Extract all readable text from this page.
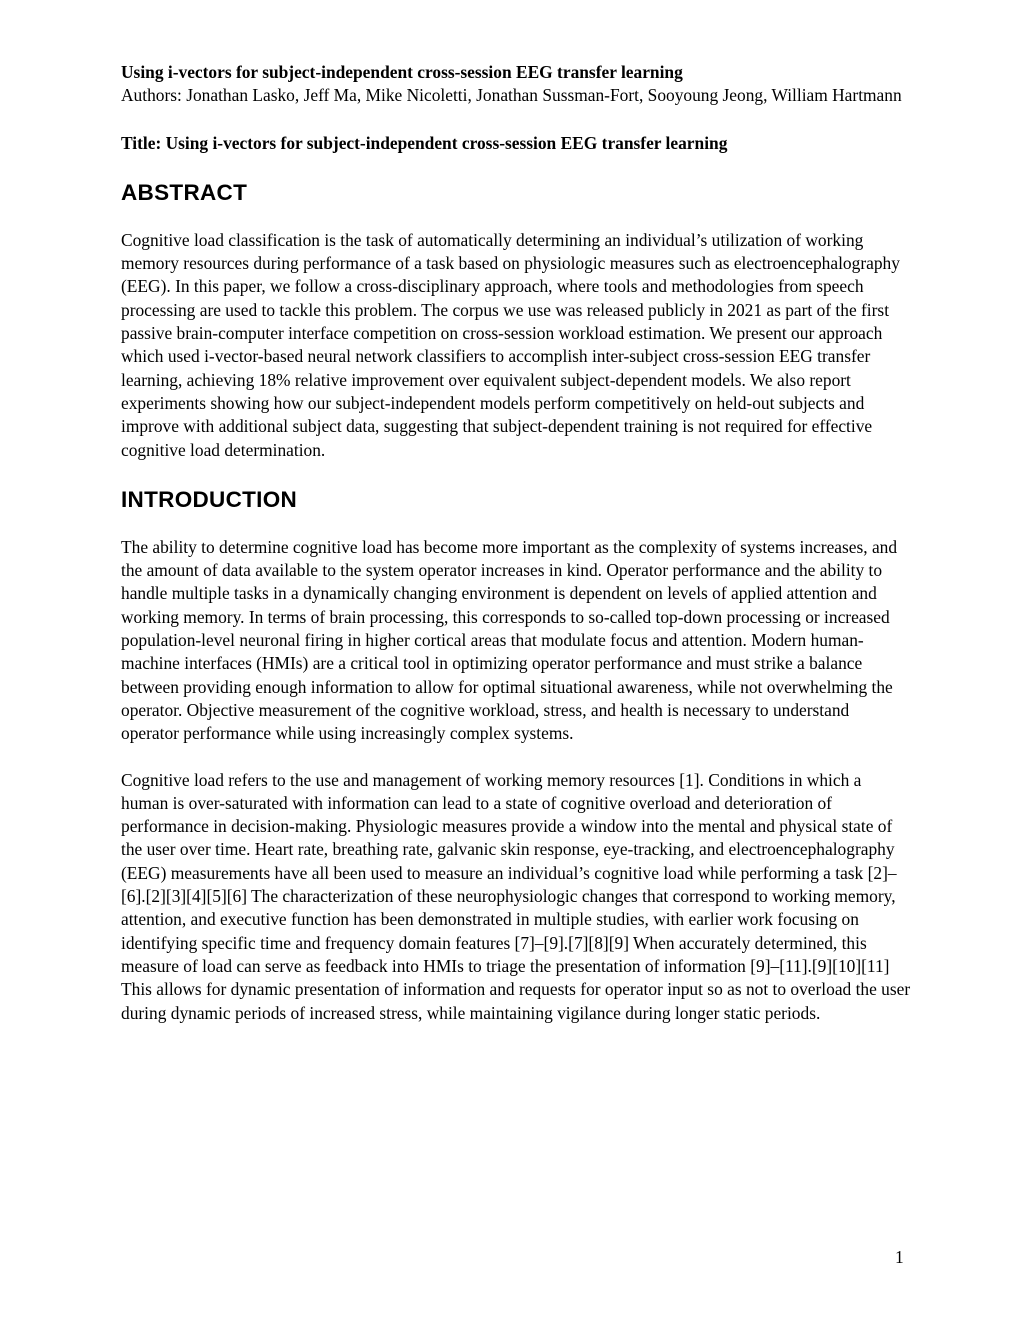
Using i-vectors for subject-independent cross-session EEG transfer learning

Authors: Jonathan Lasko, Jeff Ma, Mike Nicoletti, Jonathan Sussman-Fort, Sooyoung Jeong, William Hartmann

Title: Using i-vectors for subject-independent cross-session EEG transfer learning

ABSTRACT

Cognitive load classification is the task of automatically determining an individual’s utilization of working memory resources during performance of a task based on physiologic measures such as electroencephalography (EEG). In this paper, we follow a cross-disciplinary approach, where tools and methodologies from speech processing are used to tackle this problem. The corpus we use was released publicly in 2021 as part of the first passive brain-computer interface competition on cross-session workload estimation. We present our approach which used i-vector-based neural network classifiers to accomplish inter-subject cross-session EEG transfer learning, achieving 18% relative improvement over equivalent subject-dependent models. We also report experiments showing how our subject-independent models perform competitively on held-out subjects and improve with additional subject data, suggesting that subject-dependent training is not required for effective cognitive load determination.

INTRODUCTION

The ability to determine cognitive load has become more important as the complexity of systems increases, and the amount of data available to the system operator increases in kind. Operator performance and the ability to handle multiple tasks in a dynamically changing environment is dependent on levels of applied attention and working memory. In terms of brain processing, this corresponds to so-called top-down processing or increased population-level neuronal firing in higher cortical areas that modulate focus and attention. Modern human-machine interfaces (HMIs) are a critical tool in optimizing operator performance and must strike a balance between providing enough information to allow for optimal situational awareness, while not overwhelming the operator. Objective measurement of the cognitive workload, stress, and health is necessary to understand operator performance while using increasingly complex systems.

Cognitive load refers to the use and management of working memory resources [1]. Conditions in which a human is over-saturated with information can lead to a state of cognitive overload and deterioration of performance in decision-making. Physiologic measures provide a window into the mental and physical state of the user over time. Heart rate, breathing rate, galvanic skin response, eye-tracking, and electroencephalography (EEG) measurements have all been used to measure an individual’s cognitive load while performing a task [2]–[6].[2][3][4][5][6] The characterization of these neurophysiologic changes that correspond to working memory, attention, and executive function has been demonstrated in multiple studies, with earlier work focusing on identifying specific time and frequency domain features [7]–[9].[7][8][9] When accurately determined, this measure of load can serve as feedback into HMIs to triage the presentation of information [9]–[11].[9][10][11] This allows for dynamic presentation of information and requests for operator input so as not to overload the user during dynamic periods of increased stress, while maintaining vigilance during longer static periods.

1
